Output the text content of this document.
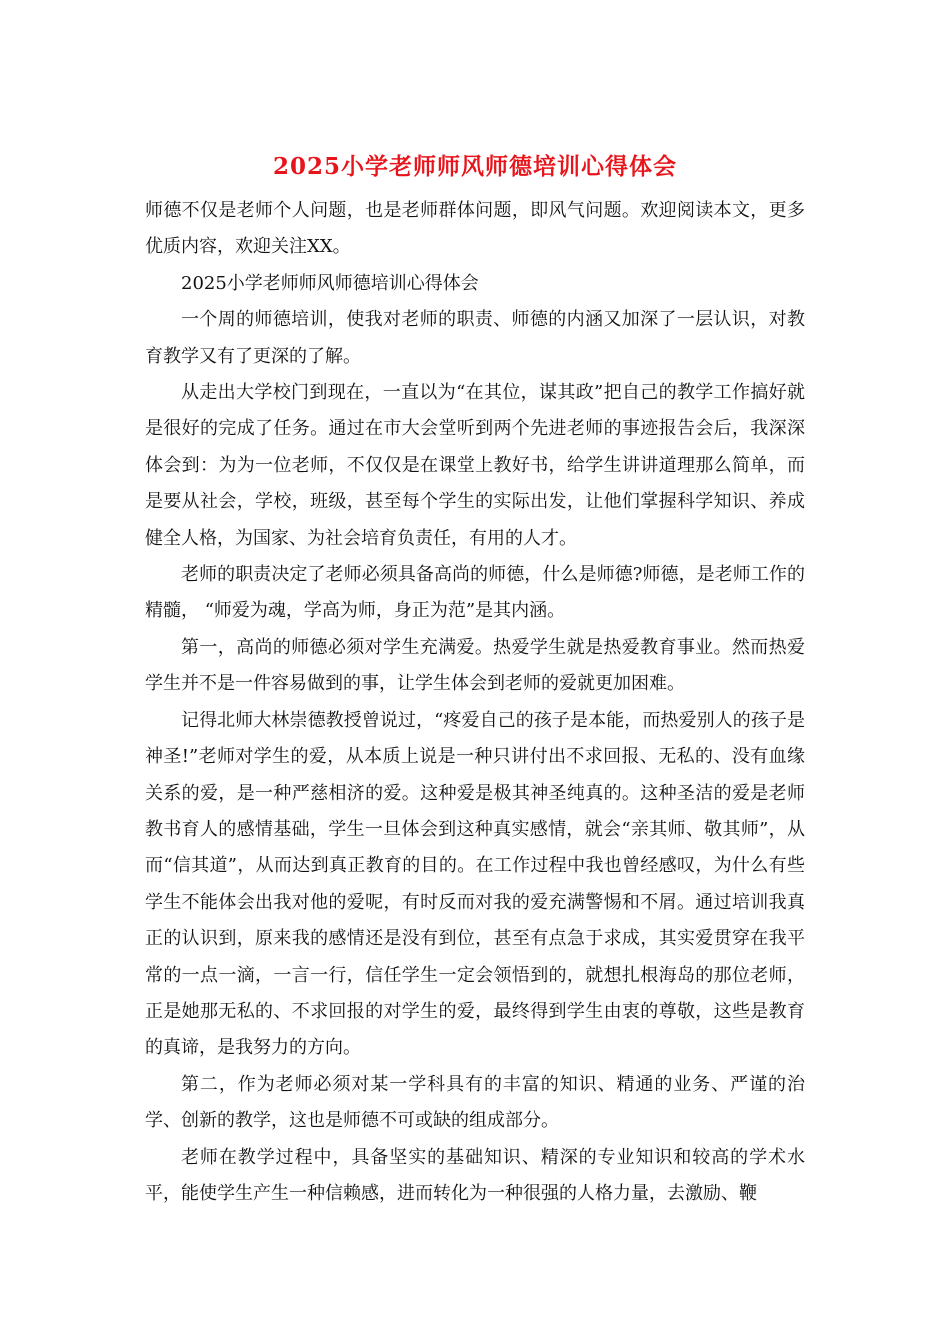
2025小学老师师风师德培训心得体会

师德不仅是老师个人问题，也是老师群体问题，即风气问题。欢迎阅读本文，更多优质内容，欢迎关注XX。

2025小学老师师风师德培训心得体会

一个周的师德培训，使我对老师的职责、师德的内涵又加深了一层认识，对教育教学又有了更深的了解。

从走出大学校门到现在，一直以为“在其位，谋其政”把自己的教学工作搞好就是很好的完成了任务。通过在市大会堂听到两个先进老师的事迹报告会后，我深深体会到：为为一位老师，不仅仅是在课堂上教好书，给学生讲讲道理那么简单，而是要从社会，学校，班级，甚至每个学生的实际出发，让他们掌握科学知识、养成健全人格，为国家、为社会培育负责任，有用的人才。

老师的职责决定了老师必须具备高尚的师德，什么是师德?师德，是老师工作的精髓， “师爱为魂，学高为师，身正为范”是其内涵。

第一，高尚的师德必须对学生充满爱。热爱学生就是热爱教育事业。然而热爱学生并不是一件容易做到的事，让学生体会到老师的爱就更加困难。

记得北师大林崇德教授曾说过，“疼爱自己的孩子是本能，而热爱别人的孩子是神圣!”老师对学生的爱，从本质上说是一种只讲付出不求回报、无私的、没有血缘关系的爱，是一种严慈相济的爱。这种爱是极其神圣纯真的。这种圣洁的爱是老师教书育人的感情基础，学生一旦体会到这种真实感情，就会“亲其师、敬其师”，从而“信其道”，从而达到真正教育的目的。在工作过程中我也曾经感叹，为什么有些学生不能体会出我对他的爱呢，有时反而对我的爱充满警惕和不屑。通过培训我真正的认识到，原来我的感情还是没有到位，甚至有点急于求成，其实爱贯穿在我平常的一点一滴，一言一行，信任学生一定会领悟到的，就想扎根海岛的那位老师，正是她那无私的、不求回报的对学生的爱，最终得到学生由衷的尊敬，这些是教育的真谛，是我努力的方向。

第二，作为老师必须对某一学科具有的丰富的知识、精通的业务、严谨的治学、创新的教学，这也是师德不可或缺的组成部分。

老师在教学过程中，具备坚实的基础知识、精深的专业知识和较高的学术水平，能使学生产生一种信赖感，进而转化为一种很强的人格力量，去激励、鞭
